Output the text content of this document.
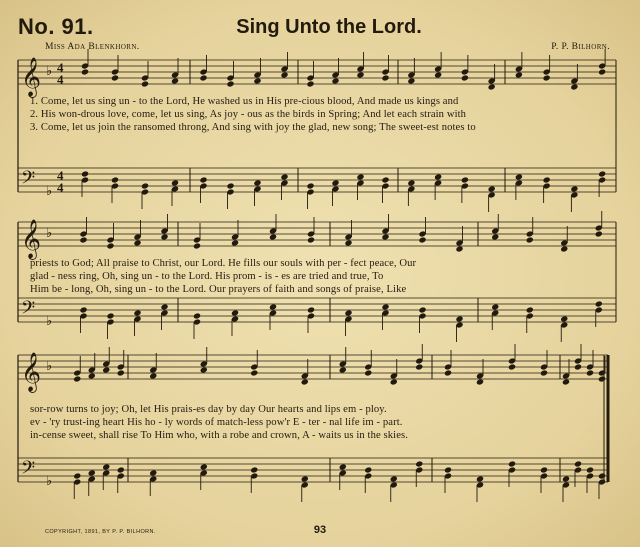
No. 91.	Sing Unto the Lord.
Miss Ada Blenkhorn.	P. P. Bilhorn.
𝄞 ♭ 4
4
𝄢 ♭
4
4
𝄞 ♭
𝄢 ♭
𝄞 ♭
𝄢 ♭
1. Come, let us sing un - to the Lord, He washed us in His pre-cious blood, And made us kings and
2. His won-drous love, come, let us sing, As joy - ous as the birds in Spring; And let each strain with
3. Come, let us join the ransomed throng, And sing with joy the glad, new song; The sweet-est notes to
priests to God; All praise to Christ, our Lord. He fills our souls with per - fect peace, Our
glad - ness ring, Oh, sing un - to the Lord. His prom - is - es are tried and true, To
Him be - long, Oh, sing un - to the Lord. Our prayers of faith and songs of praise, Like
sor-row turns to joy; Oh, let His prais-es day by day Our hearts and lips em - ploy.
ev - 'ry trust-ing heart His ho - ly words of match-less pow'r E - ter - nal life im - part.
in-cense sweet, shall rise To Him who, with a robe and crown, A - waits us in the skies.
COPYRIGHT, 1891, BY P. P. BILHORN.	93
